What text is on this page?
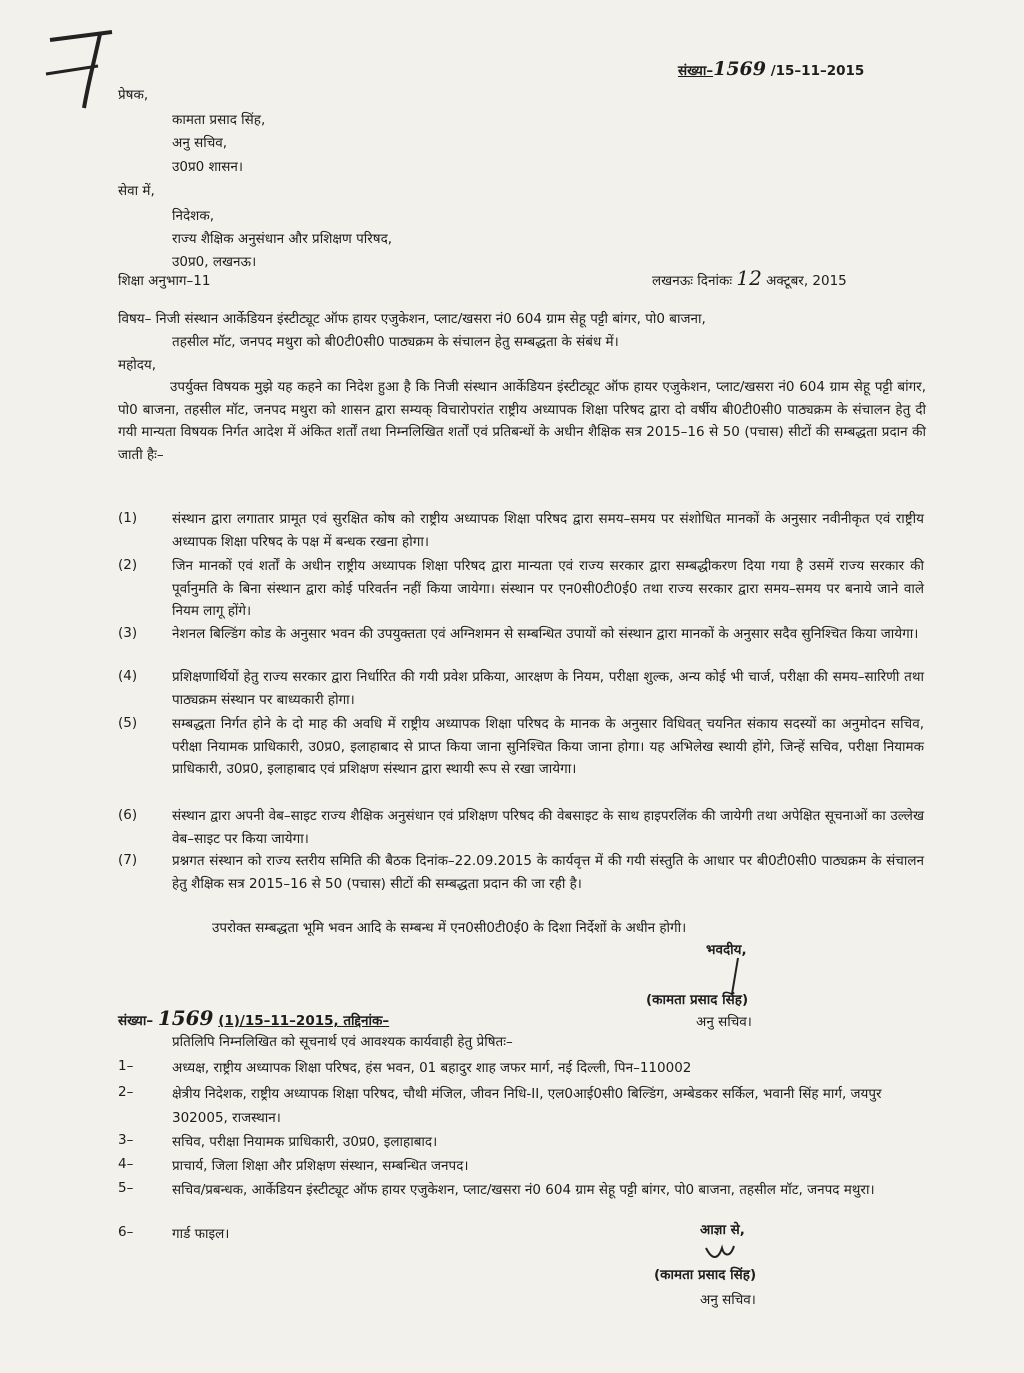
संख्या–1569 /15–11–2015
प्रेषक,
कामता प्रसाद सिंह,
अनु सचिव,
उ0प्र0 शासन।
सेवा में,
निदेशक,
राज्य शैक्षिक अनुसंधान और प्रशिक्षण परिषद,
उ0प्र0, लखनऊ।
शिक्षा अनुभाग–11	लखनऊः दिनांकः 12 अक्टूबर, 2015
विषय– निजी संस्थान आर्केडियन इंस्टीट्यूट ऑफ हायर एजुकेशन, प्लाट/खसरा नं0 604 ग्राम सेहू पट्टी बांगर, पो0 बाजना,
तहसील मॉट, जनपद मथुरा को बी0टी0सी0 पाठ्यक्रम के संचालन हेतु सम्बद्धता के संबंध में।
महोदय,
उपर्युक्त विषयक मुझे यह कहने का निदेश हुआ है कि निजी संस्थान आर्केडियन इंस्टीट्यूट ऑफ हायर एजुकेशन, प्लाट/खसरा नं0 604 ग्राम सेहू पट्टी बांगर, पो0 बाजना, तहसील मॉट, जनपद मथुरा को शासन द्वारा सम्यक् विचारोपरांत राष्ट्रीय अध्यापक शिक्षा परिषद द्वारा दो वर्षीय बी0टी0सी0 पाठ्यक्रम के संचालन हेतु दी गयी मान्यता विषयक निर्गत आदेश में अंकित शर्तों तथा निम्नलिखित शर्तों एवं प्रतिबन्धों के अधीन शैक्षिक सत्र 2015–16 से 50 (पचास) सीटों की सम्बद्धता प्रदान की जाती हैः–
(1)	संस्थान द्वारा लगातार प्रामूत एवं सुरक्षित कोष को राष्ट्रीय अध्यापक शिक्षा परिषद द्वारा समय–समय पर संशोधित मानकों के अनुसार नवीनीकृत एवं राष्ट्रीय अध्यापक शिक्षा परिषद के पक्ष में बन्धक रखना होगा।
(2)	जिन मानकों एवं शर्तों के अधीन राष्ट्रीय अध्यापक शिक्षा परिषद द्वारा मान्यता एवं राज्य सरकार द्वारा सम्बद्धीकरण दिया गया है उसमें राज्य सरकार की पूर्वानुमति के बिना संस्थान द्वारा कोई परिवर्तन नहीं किया जायेगा। संस्थान पर एन0सी0टी0ई0 तथा राज्य सरकार द्वारा समय–समय पर बनाये जाने वाले नियम लागू होंगे।
(3)	नेशनल बिल्डिंग कोड के अनुसार भवन की उपयुक्तता एवं अग्निशमन से सम्बन्धित उपायों को संस्थान द्वारा मानकों के अनुसार सदैव सुनिश्चित किया जायेगा।
(4)	प्रशिक्षणार्थियों हेतु राज्य सरकार द्वारा निर्धारित की गयी प्रवेश प्रकिया, आरक्षण के नियम, परीक्षा शुल्क, अन्य कोई भी चार्ज, परीक्षा की समय–सारिणी तथा पाठ्यक्रम संस्थान पर बाध्यकारी होगा।
(5)	सम्बद्धता निर्गत होने के दो माह की अवधि में राष्ट्रीय अध्यापक शिक्षा परिषद के मानक के अनुसार विधिवत् चयनित संकाय सदस्यों का अनुमोदन सचिव, परीक्षा नियामक प्राधिकारी, उ0प्र0, इलाहाबाद से प्राप्त किया जाना सुनिश्चित किया जाना होगा। यह अभिलेख स्थायी होंगे, जिन्हें सचिव, परीक्षा नियामक प्राधिकारी, उ0प्र0, इलाहाबाद एवं प्रशिक्षण संस्थान द्वारा स्थायी रूप से रखा जायेगा।
(6)	संस्थान द्वारा अपनी वेब–साइट राज्य शैक्षिक अनुसंधान एवं प्रशिक्षण परिषद की वेबसाइट के साथ हाइपरलिंक की जायेगी तथा अपेक्षित सूचनाओं का उल्लेख वेब–साइट पर किया जायेगा।
(7)	प्रश्नगत संस्थान को राज्य स्तरीय समिति की बैठक दिनांक–22.09.2015 के कार्यवृत्त में की गयी संस्तुति के आधार पर बी0टी0सी0 पाठ्यक्रम के संचालन हेतु शैक्षिक सत्र 2015–16 से 50 (पचास) सीटों की सम्बद्धता प्रदान की जा रही है।
उपरोक्त सम्बद्धता भूमि भवन आदि के सम्बन्ध में एन0सी0टी0ई0 के दिशा निर्देशों के अधीन होगी।
भवदीय,
(कामता प्रसाद सिंह)
अनु सचिव।
संख्या– 1569 (1)/15–11–2015, तद्दिनांक–
प्रतिलिपि निम्नलिखित को सूचनार्थ एवं आवश्यक कार्यवाही हेतु प्रेषितः–
1–	अध्यक्ष, राष्ट्रीय अध्यापक शिक्षा परिषद, हंस भवन, 01 बहादुर शाह जफर मार्ग, नई दिल्ली, पिन–110002
2–	क्षेत्रीय निदेशक, राष्ट्रीय अध्यापक शिक्षा परिषद, चौथी मंजिल, जीवन निधि-II, एल0आई0सी0 बिल्डिंग, अम्बेडकर सर्किल, भवानी सिंह मार्ग, जयपुर 302005, राजस्थान।
3–	सचिव, परीक्षा नियामक प्राधिकारी, उ0प्र0, इलाहाबाद।
4–	प्राचार्य, जिला शिक्षा और प्रशिक्षण संस्थान, सम्बन्धित जनपद।
5–	सचिव/प्रबन्धक, आर्केडियन इंस्टीट्यूट ऑफ हायर एजुकेशन, प्लाट/खसरा नं0 604 ग्राम सेहू पट्टी बांगर, पो0 बाजना, तहसील मॉट, जनपद मथुरा।
6–	गार्ड फाइल।	आज्ञा से,
(कामता प्रसाद सिंह)
अनु सचिव।
